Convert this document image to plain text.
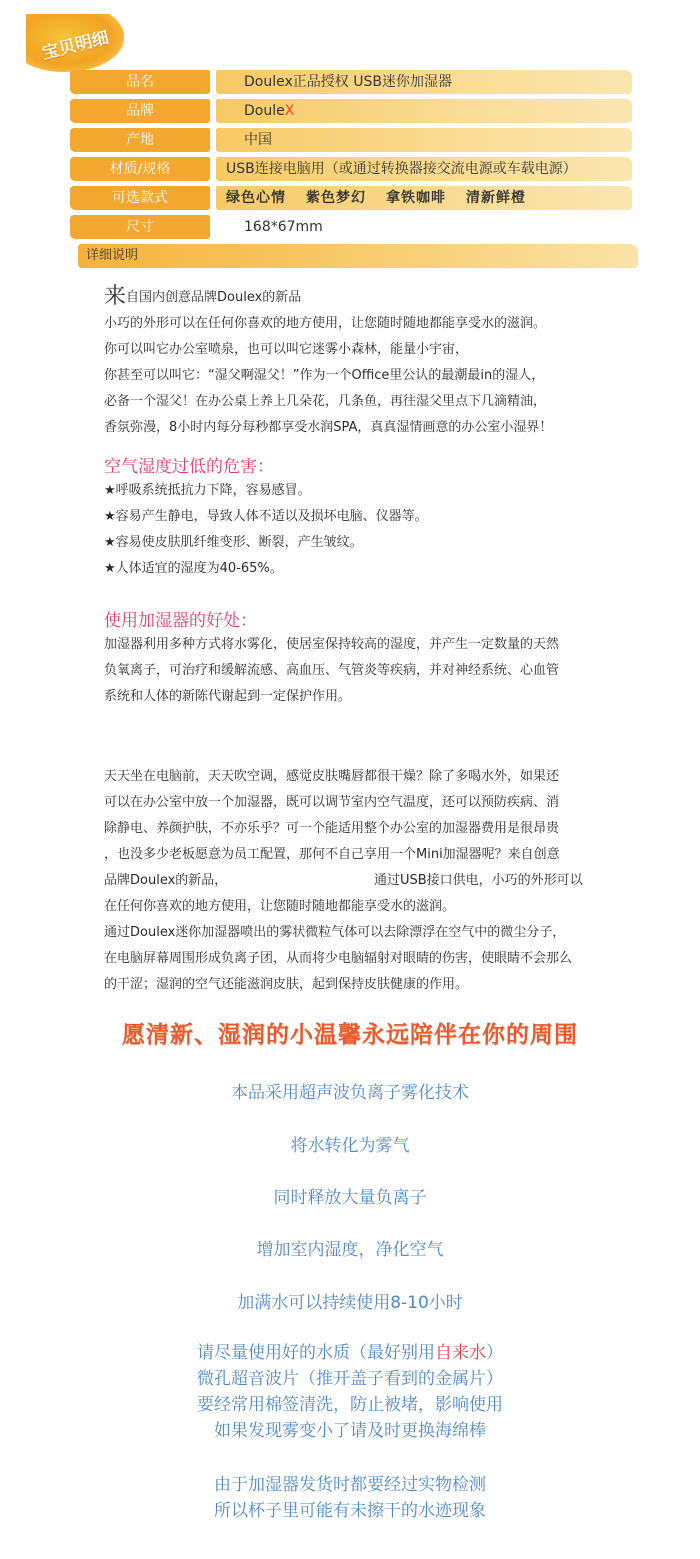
宝贝明细
品名	Doulex正品授权 USB迷你加湿器
品牌	DouleX
产地	中国
材质/规格	USB连接电脑用（或通过转换器接交流电源或车载电源）
可选款式	绿色心情 紫色梦幻 拿铁咖啡 清新鲜橙
尺寸	168*67mm
详细说明

来自国内创意品牌Doulex的新品

小巧的外形可以在任何你喜欢的地方使用，让您随时随地都能享受水的滋润。

你可以叫它办公室喷泉，也可以叫它迷雾小森林，能量小宇宙，

你甚至可以叫它：“湿父啊湿父！”作为一个Office里公认的最潮最in的湿人，

必备一个湿父！在办公桌上养上几朵花，几条鱼，再往湿父里点下几滴精油，

香氛弥漫，8小时内每分每秒都享受水润SPA，真真湿情画意的办公室小湿界！

空气湿度过低的危害：

★呼吸系统抵抗力下降，容易感冒。

★容易产生静电，导致人体不适以及损坏电脑、仪器等。

★容易使皮肤肌纤维变形、断裂，产生皱纹。

★人体适宜的湿度为40-65%。

使用加湿器的好处：

加湿器利用多种方式将水雾化，使居室保持较高的湿度，并产生一定数量的天然

负氧离子，可治疗和缓解流感、高血压、气管炎等疾病，并对神经系统、心血管

系统和人体的新陈代谢起到一定保护作用。

天天坐在电脑前，天天吹空调，感觉皮肤嘴唇都很干燥？除了多喝水外，如果还

可以在办公室中放一个加湿器，既可以调节室内空气温度，还可以预防疾病、消

除静电、养颜护肤，不亦乐乎？可一个能适用整个办公室的加湿器费用是很昂贵

，也没多少老板愿意为员工配置，那何不自己享用一个Mini加湿器呢？来自创意

品牌Doulex的新品，	通过USB接口供电，小巧的外形可以

在任何你喜欢的地方使用，让您随时随地都能享受水的滋润。

通过Doulex迷你加湿器喷出的雾状微粒气体可以去除漂浮在空气中的微尘分子，

在电脑屏幕周围形成负离子团，从而将少电脑辐射对眼睛的伤害，使眼睛不会那么

的干涩；湿润的空气还能滋润皮肤，起到保持皮肤健康的作用。

愿清新、湿润的小温馨永远陪伴在你的周围
本品采用超声波负离子雾化技术
将水转化为雾气
同时释放大量负离子
增加室内湿度，净化空气
加满水可以持续使用8-10小时
请尽量使用好的水质（最好别用自来水）
微孔超音波片（推开盖子看到的金属片）
要经常用棉签清洗，防止被堵，影响使用
如果发现雾变小了请及时更换海绵棒
由于加湿器发货时都要经过实物检测
所以杯子里可能有未擦干的水迹现象
